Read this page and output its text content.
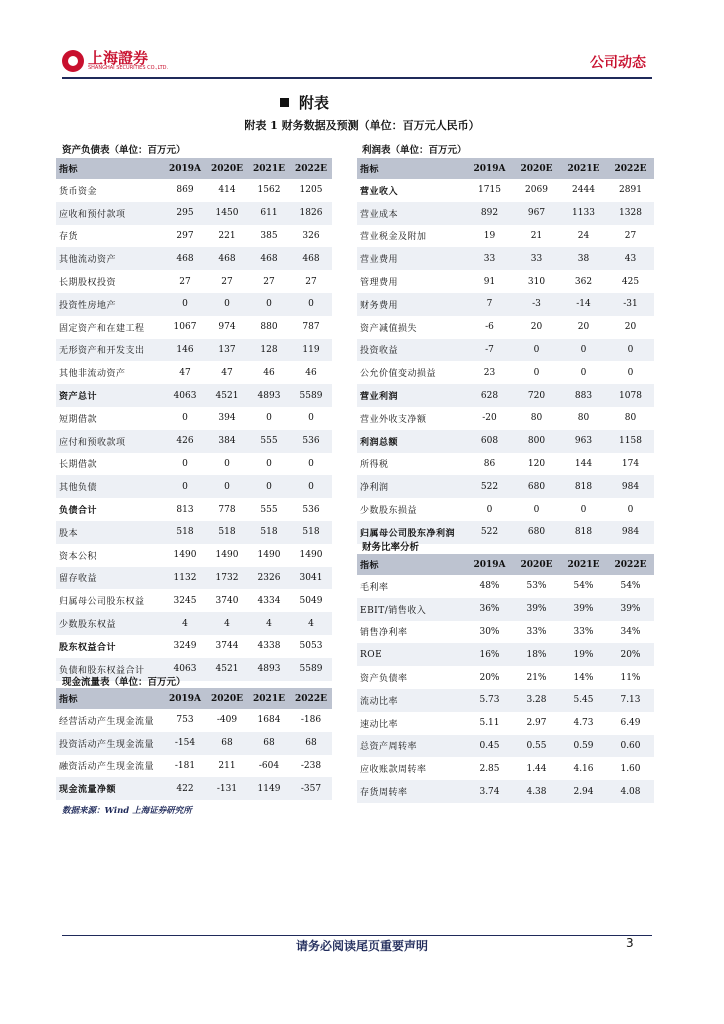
上海證券
SHANGHAI SECURITIES CO.,LTD.	公司动态
附表
附表 1 财务数据及预测（单位：百万元人民币）
资产负债表（单位：百万元）
指标	2019A	2020E	2021E	2022E
货币资金	869	414	1562	1205
应收和预付款项	295	1450	611	1826
存货	297	221	385	326
其他流动资产	468	468	468	468
长期股权投资	27	27	27	27
投资性房地产	0	0	0	0
固定资产和在建工程	1067	974	880	787
无形资产和开发支出	146	137	128	119
其他非流动资产	47	47	46	46
资产总计	4063	4521	4893	5589
短期借款	0	394	0	0
应付和预收款项	426	384	555	536
长期借款	0	0	0	0
其他负债	0	0	0	0
负债合计	813	778	555	536
股本	518	518	518	518
资本公积	1490	1490	1490	1490
留存收益	1132	1732	2326	3041
归属母公司股东权益	3245	3740	4334	5049
少数股东权益	4	4	4	4
股东权益合计	3249	3744	4338	5053
负债和股东权益合计	4063	4521	4893	5589
现金流量表（单位：百万元）
指标	2019A	2020E	2021E	2022E
经营活动产生现金流量	753	-409	1684	-186
投资活动产生现金流量	-154	68	68	68
融资活动产生现金流量	-181	211	-604	-238
现金流量净额	422	-131	1149	-357
利润表（单位：百万元）
指标	2019A	2020E	2021E	2022E
营业收入	1715	2069	2444	2891
营业成本	892	967	1133	1328
营业税金及附加	19	21	24	27
营业费用	33	33	38	43
管理费用	91	310	362	425
财务费用	7	-3	-14	-31
资产减值损失	-6	20	20	20
投资收益	-7	0	0	0
公允价值变动损益	23	0	0	0
营业利润	628	720	883	1078
营业外收支净额	-20	80	80	80
利润总额	608	800	963	1158
所得税	86	120	144	174
净利润	522	680	818	984
少数股东损益	0	0	0	0
归属母公司股东净利润	522	680	818	984
财务比率分析
指标	2019A	2020E	2021E	2022E
毛利率	48%	53%	54%	54%
EBIT/销售收入	36%	39%	39%	39%
销售净利率	30%	33%	33%	34%
ROE	16%	18%	19%	20%
资产负债率	20%	21%	14%	11%
流动比率	5.73	3.28	5.45	7.13
速动比率	5.11	2.97	4.73	6.49
总资产周转率	0.45	0.55	0.59	0.60
应收账款周转率	2.85	1.44	4.16	1.60
存货周转率	3.74	4.38	2.94	4.08
数据来源：Wind 上海证券研究所
请务必阅读尾页重要声明	3
